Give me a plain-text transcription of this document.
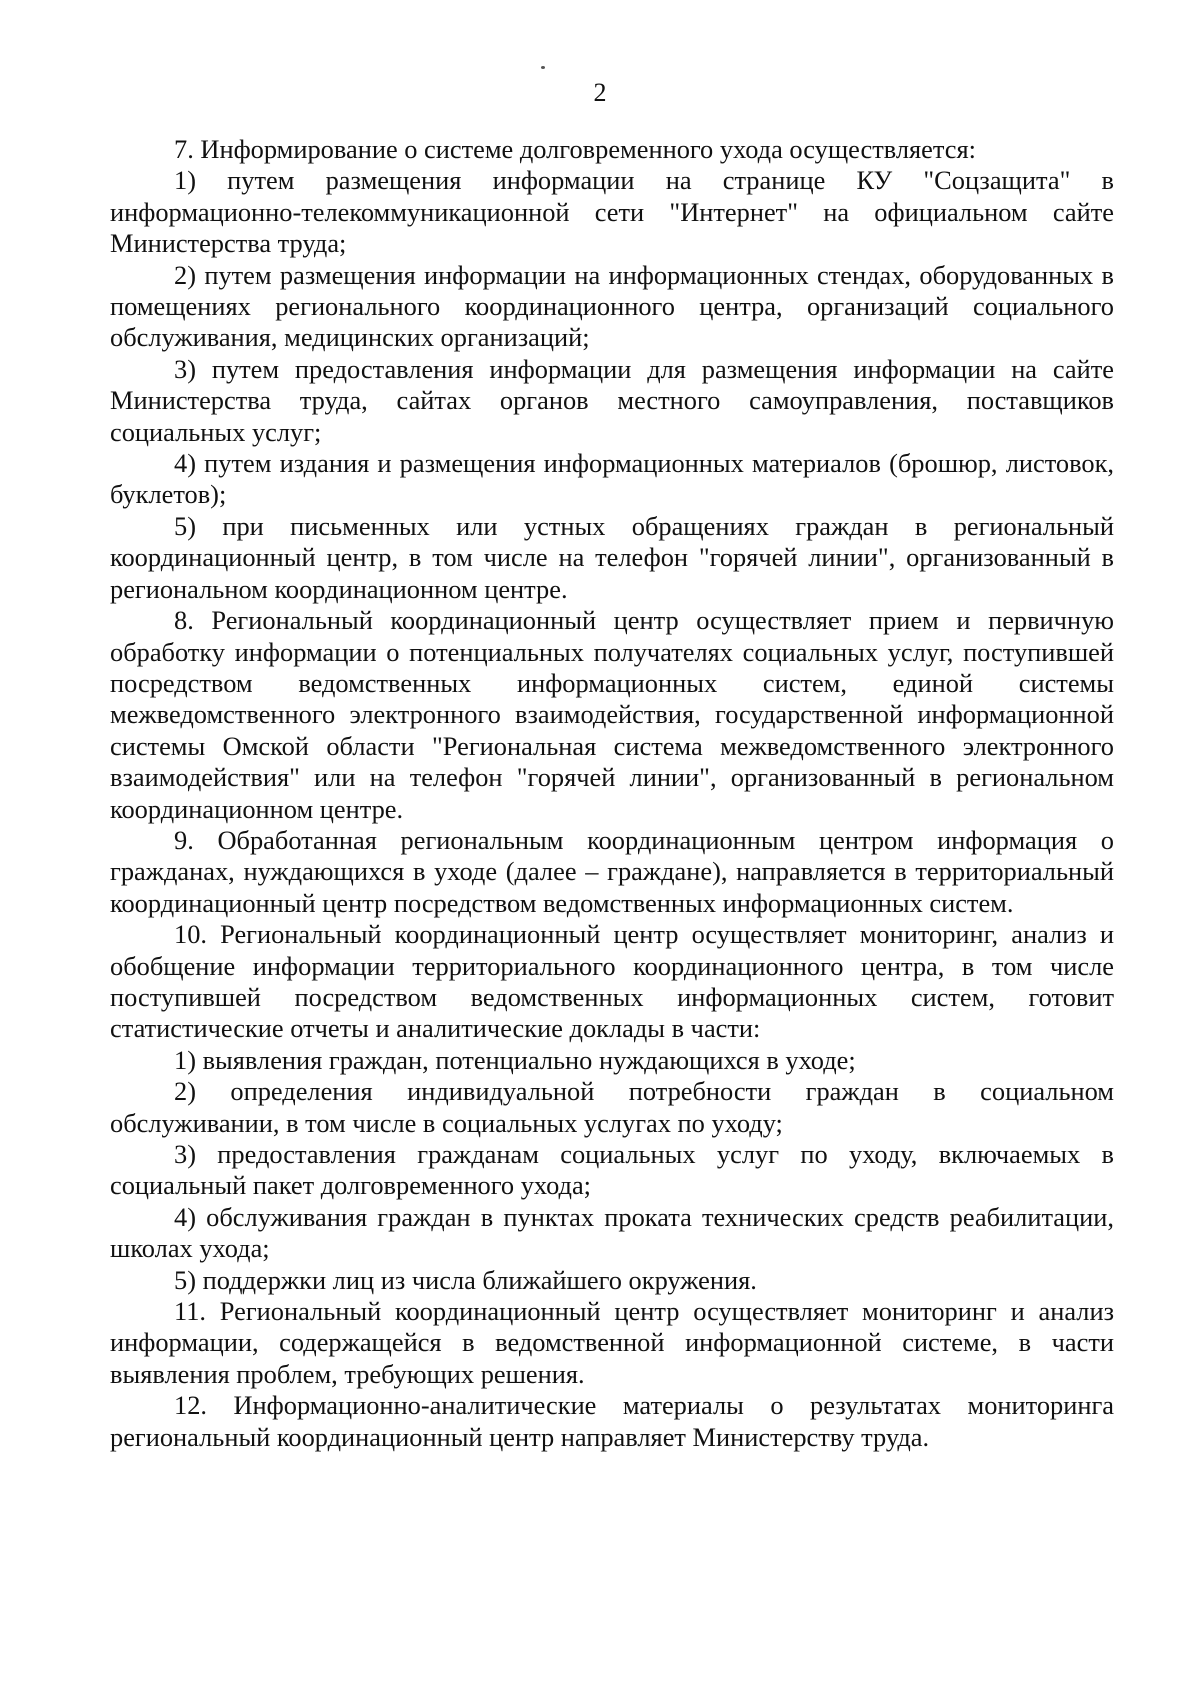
2

7. Информирование о системе долговременного ухода осуществляется:

1) путем размещения информации на странице КУ "Соцзащита" в информационно-телекоммуникационной сети "Интернет" на официальном сайте Министерства труда;

2) путем размещения информации на информационных стендах, оборудованных в помещениях регионального координационного центра, организаций социального обслуживания, медицинских организаций;

3) путем предоставления информации для размещения информации на сайте Министерства труда, сайтах органов местного самоуправления, поставщиков социальных услуг;

4) путем издания и размещения информационных материалов (брошюр, листовок, буклетов);

5) при письменных или устных обращениях граждан в региональный координационный центр, в том числе на телефон "горячей линии", организованный в региональном координационном центре.

8. Региональный координационный центр осуществляет прием и первичную обработку информации о потенциальных получателях социальных услуг, поступившей посредством ведомственных информационных систем, единой системы межведомственного электронного взаимодействия, государственной информационной системы Омской области "Региональная система межведомственного электронного взаимодействия" или на телефон "горячей линии", организованный в региональном координационном центре.

9. Обработанная региональным координационным центром информация о гражданах, нуждающихся в уходе (далее – граждане), направляется в территориальный координационный центр посредством ведомственных информационных систем.

10. Региональный координационный центр осуществляет мониторинг, анализ и обобщение информации территориального координационного центра, в том числе поступившей посредством ведомственных информационных систем, готовит статистические отчеты и аналитические доклады в части:

1) выявления граждан, потенциально нуждающихся в уходе;

2) определения индивидуальной потребности граждан в социальном обслуживании, в том числе в социальных услугах по уходу;

3) предоставления гражданам социальных услуг по уходу, включаемых в социальный пакет долговременного ухода;

4) обслуживания граждан в пунктах проката технических средств реабилитации, школах ухода;

5) поддержки лиц из числа ближайшего окружения.

11. Региональный координационный центр осуществляет мониторинг и анализ информации, содержащейся в ведомственной информационной системе, в части выявления проблем, требующих решения.

12. Информационно-аналитические материалы о результатах мониторинга региональный координационный центр направляет Министерству труда.
